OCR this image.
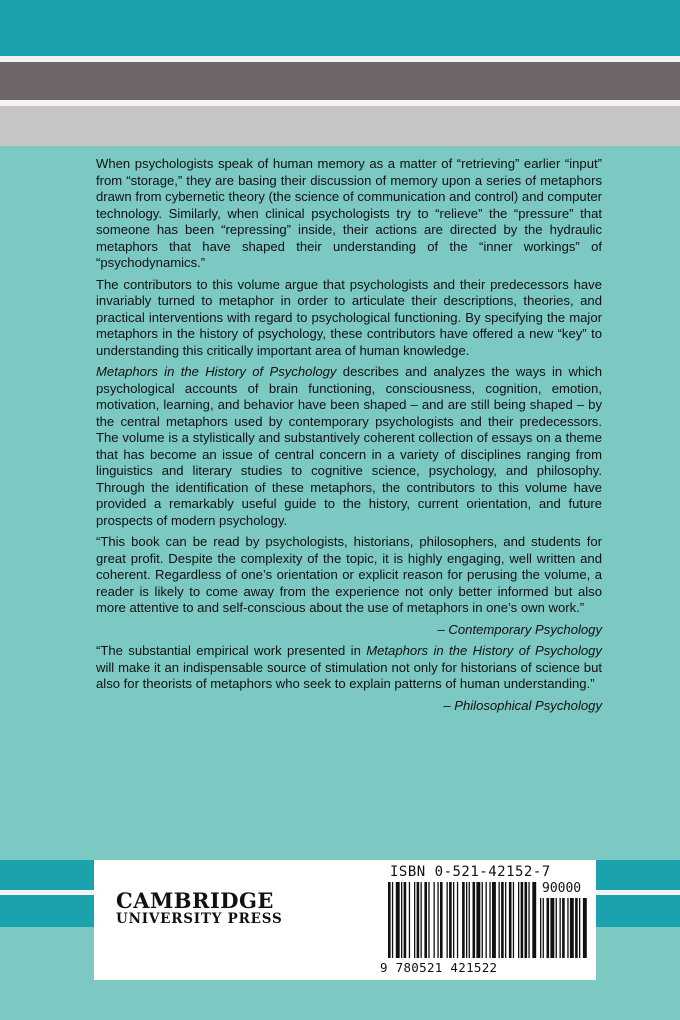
When psychologists speak of human memory as a matter of “retrieving” earlier “input” from “storage,” they are basing their discussion of memory upon a series of metaphors drawn from cybernetic theory (the science of communication and control) and computer technology. Similarly, when clinical psychologists try to “relieve” the “pressure” that someone has been “repressing” inside, their actions are directed by the hydraulic metaphors that have shaped their understanding of the “inner workings” of “psychodynamics.”

The contributors to this volume argue that psychologists and their predecessors have invariably turned to metaphor in order to articulate their descriptions, theories, and practical interventions with regard to psychological functioning. By specifying the major metaphors in the history of psychology, these contributors have offered a new “key” to understanding this critically important area of human knowledge.

Metaphors in the History of Psychology describes and analyzes the ways in which psychological accounts of brain functioning, consciousness, cognition, emotion, motivation, learning, and behavior have been shaped – and are still being shaped – by the central metaphors used by contemporary psychologists and their predecessors. The volume is a stylistically and substantively coherent collection of essays on a theme that has become an issue of central concern in a variety of disciplines ranging from linguistics and literary studies to cognitive science, psychology, and philosophy. Through the identification of these metaphors, the contributors to this volume have provided a remarkably useful guide to the history, current orientation, and future prospects of modern psychology.

“This book can be read by psychologists, historians, philosophers, and students for great profit. Despite the complexity of the topic, it is highly engaging, well written and coherent. Regardless of one’s orientation or explicit reason for perusing the volume, a reader is likely to come away from the experience not only better informed but also more attentive to and self-conscious about the use of metaphors in one’s own work.”

– Contemporary Psychology

“The substantial empirical work presented in Metaphors in the History of Psychology will make it an indispensable source of stimulation not only for historians of science but also for theorists of metaphors who seek to explain patterns of human understanding.”

– Philosophical Psychology

CAMBRIDGE
UNIVERSITY PRESS
ISBN 0-521-42152-7
90000
9 780521 421522
